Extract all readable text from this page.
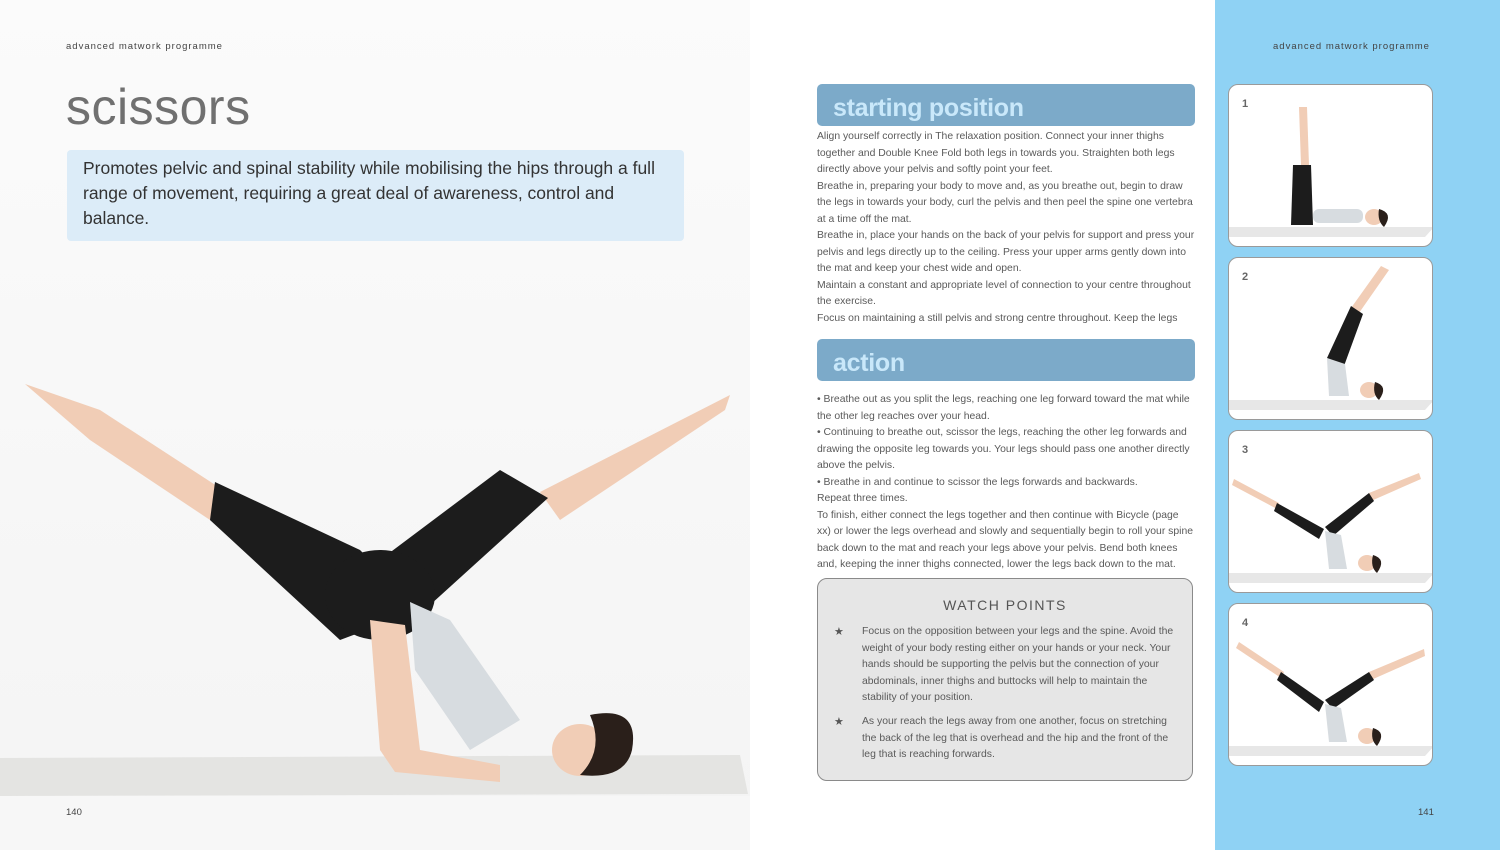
advanced matwork programme
scissors
Promotes pelvic and spinal stability while mobilising the hips through a full range of movement, requiring a great deal of awareness, control and balance.
140
advanced matwork programme
starting position

Align yourself correctly in The relaxation position. Connect your inner thighs together and Double Knee Fold both legs in towards you. Straighten both legs directly above your pelvis and softly point your feet.

Breathe in, preparing your body to move and, as you breathe out, begin to draw the legs in towards your body, curl the pelvis and then peel the spine one vertebra at a time off the mat.

Breathe in, place your hands on the back of your pelvis for support and press your pelvis and legs directly up to the ceiling. Press your upper arms gently down into the mat and keep your chest wide and open.

Maintain a constant and appropriate level of connection to your centre throughout the exercise.

Focus on maintaining a still pelvis and strong centre throughout. Keep the legs

action

• Breathe out as you split the legs, reaching one leg forward toward the mat while the other leg reaches over your head.

• Continuing to breathe out, scissor the legs, reaching the other leg forwards and drawing the opposite leg towards you. Your legs should pass one another directly above the pelvis.

• Breathe in and continue to scissor the legs forwards and backwards.

Repeat three times.

To finish, either connect the legs together and then continue with Bicycle (page xx) or lower the legs overhead and slowly and sequentially begin to roll your spine back down to the mat and reach your legs above your pelvis. Bend both knees and, keeping the inner thighs connected, lower the legs back down to the mat.

WATCH POINTS
★ Focus on the opposition between your legs and the spine. Avoid the weight of your body resting either on your hands or your neck. Your hands should be supporting the pelvis but the connection of your abdominals, inner thighs and buttocks will help to maintain the stability of your position.
★ As your reach the legs away from one another, focus on stretching the back of the leg that is overhead and the hip and the front of the leg that is reaching forwards.
1
2
3
4
141
